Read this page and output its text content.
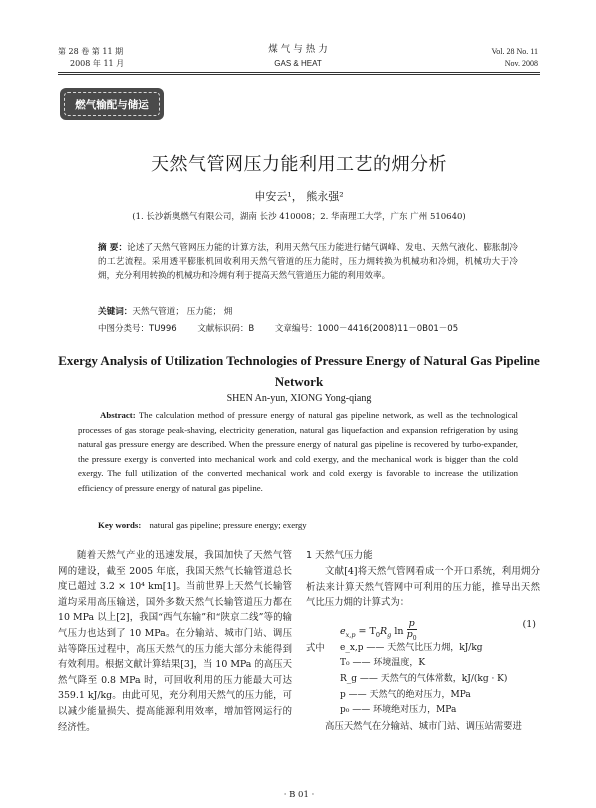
第 28 卷 第 11 期
2008 年 11 月
煤 气 与 热 力
GAS & HEAT
Vol. 28 No. 11
Nov. 2008
燃气输配与储运
天然气管网压力能利用工艺的㶲分析
申安云¹， 熊永强²
(1. 长沙新奥燃气有限公司，湖南 长沙 410008；2. 华南理工大学，广东 广州 510640)
摘 要：论述了天然气管网压力能的计算方法，利用天然气压力能进行储气调峰、发电、天然气液化、膨胀制冷的工艺流程。采用透平膨胀机回收利用天然气管道的压力能时，压力㶲转换为机械功和冷㶲，机械功大于冷㶲，充分利用转换的机械功和冷㶲有利于提高天然气管道压力能的利用效率。
关键词：天然气管道； 压力能； 㶲
中图分类号：TU996 文献标识码：B 文章编号：1000－4416(2008)11－0B01－05
Exergy Analysis of Utilization Technologies of Pressure Energy of Natural Gas Pipeline Network
SHEN An-yun, XIONG Yong-qiang
Abstract: The calculation method of pressure energy of natural gas pipeline network, as well as the technological processes of gas storage peak-shaving, electricity generation, natural gas liquefaction and expansion refrigeration by using natural gas pressure energy are described. When the pressure energy of natural gas pipeline is recovered by turbo-expander, the pressure exergy is converted into mechanical work and cold exergy, and the mechanical work is bigger than the cold exergy. The full utilization of the converted mechanical work and cold exergy is favorable to increase the utilization efficiency of pressure energy of natural gas pipeline.
Key words: natural gas pipeline; pressure energy; exergy
随着天然气产业的迅速发展，我国加快了天然气管网的建设，截至 2005 年底，我国天然气长输管道总长度已超过 3.2 × 10⁴ km[1]。当前世界上天然气长输管道均采用高压输送，国外多数天然气长输管道压力都在 10 MPa 以上[2]，我国“西气东输”和“陕京二线”等的输气压力也达到了 10 MPa。在分输站、城市门站、调压站等降压过程中，高压天然气的压力能大部分未能得到有效利用。根据文献计算结果[3]，当 10 MPa 的高压天然气降至 0.8 MPa 时，可回收利用的压力能最大可达 359.1 kJ/kg。由此可见，充分利用天然气的压力能，可以减少能量损失、提高能源利用效率，增加管网运行的经济性。
1 天然气压力能
文献[4]将天然气管网看成一个开口系统，利用㶲分析法来计算天然气管网中可利用的压力能，推导出天然气比压力㶲的计算式为：
$e_{x,p} = T_0R_g$ $\ln \frac{p}{p_0}$	(1)
式中 e_x,p —— 天然气比压力㶲，kJ/kg
T₀ —— 环境温度，K
R_g —— 天然气的气体常数，kJ/(kg · K)
p —— 天然气的绝对压力，MPa
p₀ —— 环境绝对压力，MPa
高压天然气在分输站、城市门站、调压站需要进
· B 01 ·
